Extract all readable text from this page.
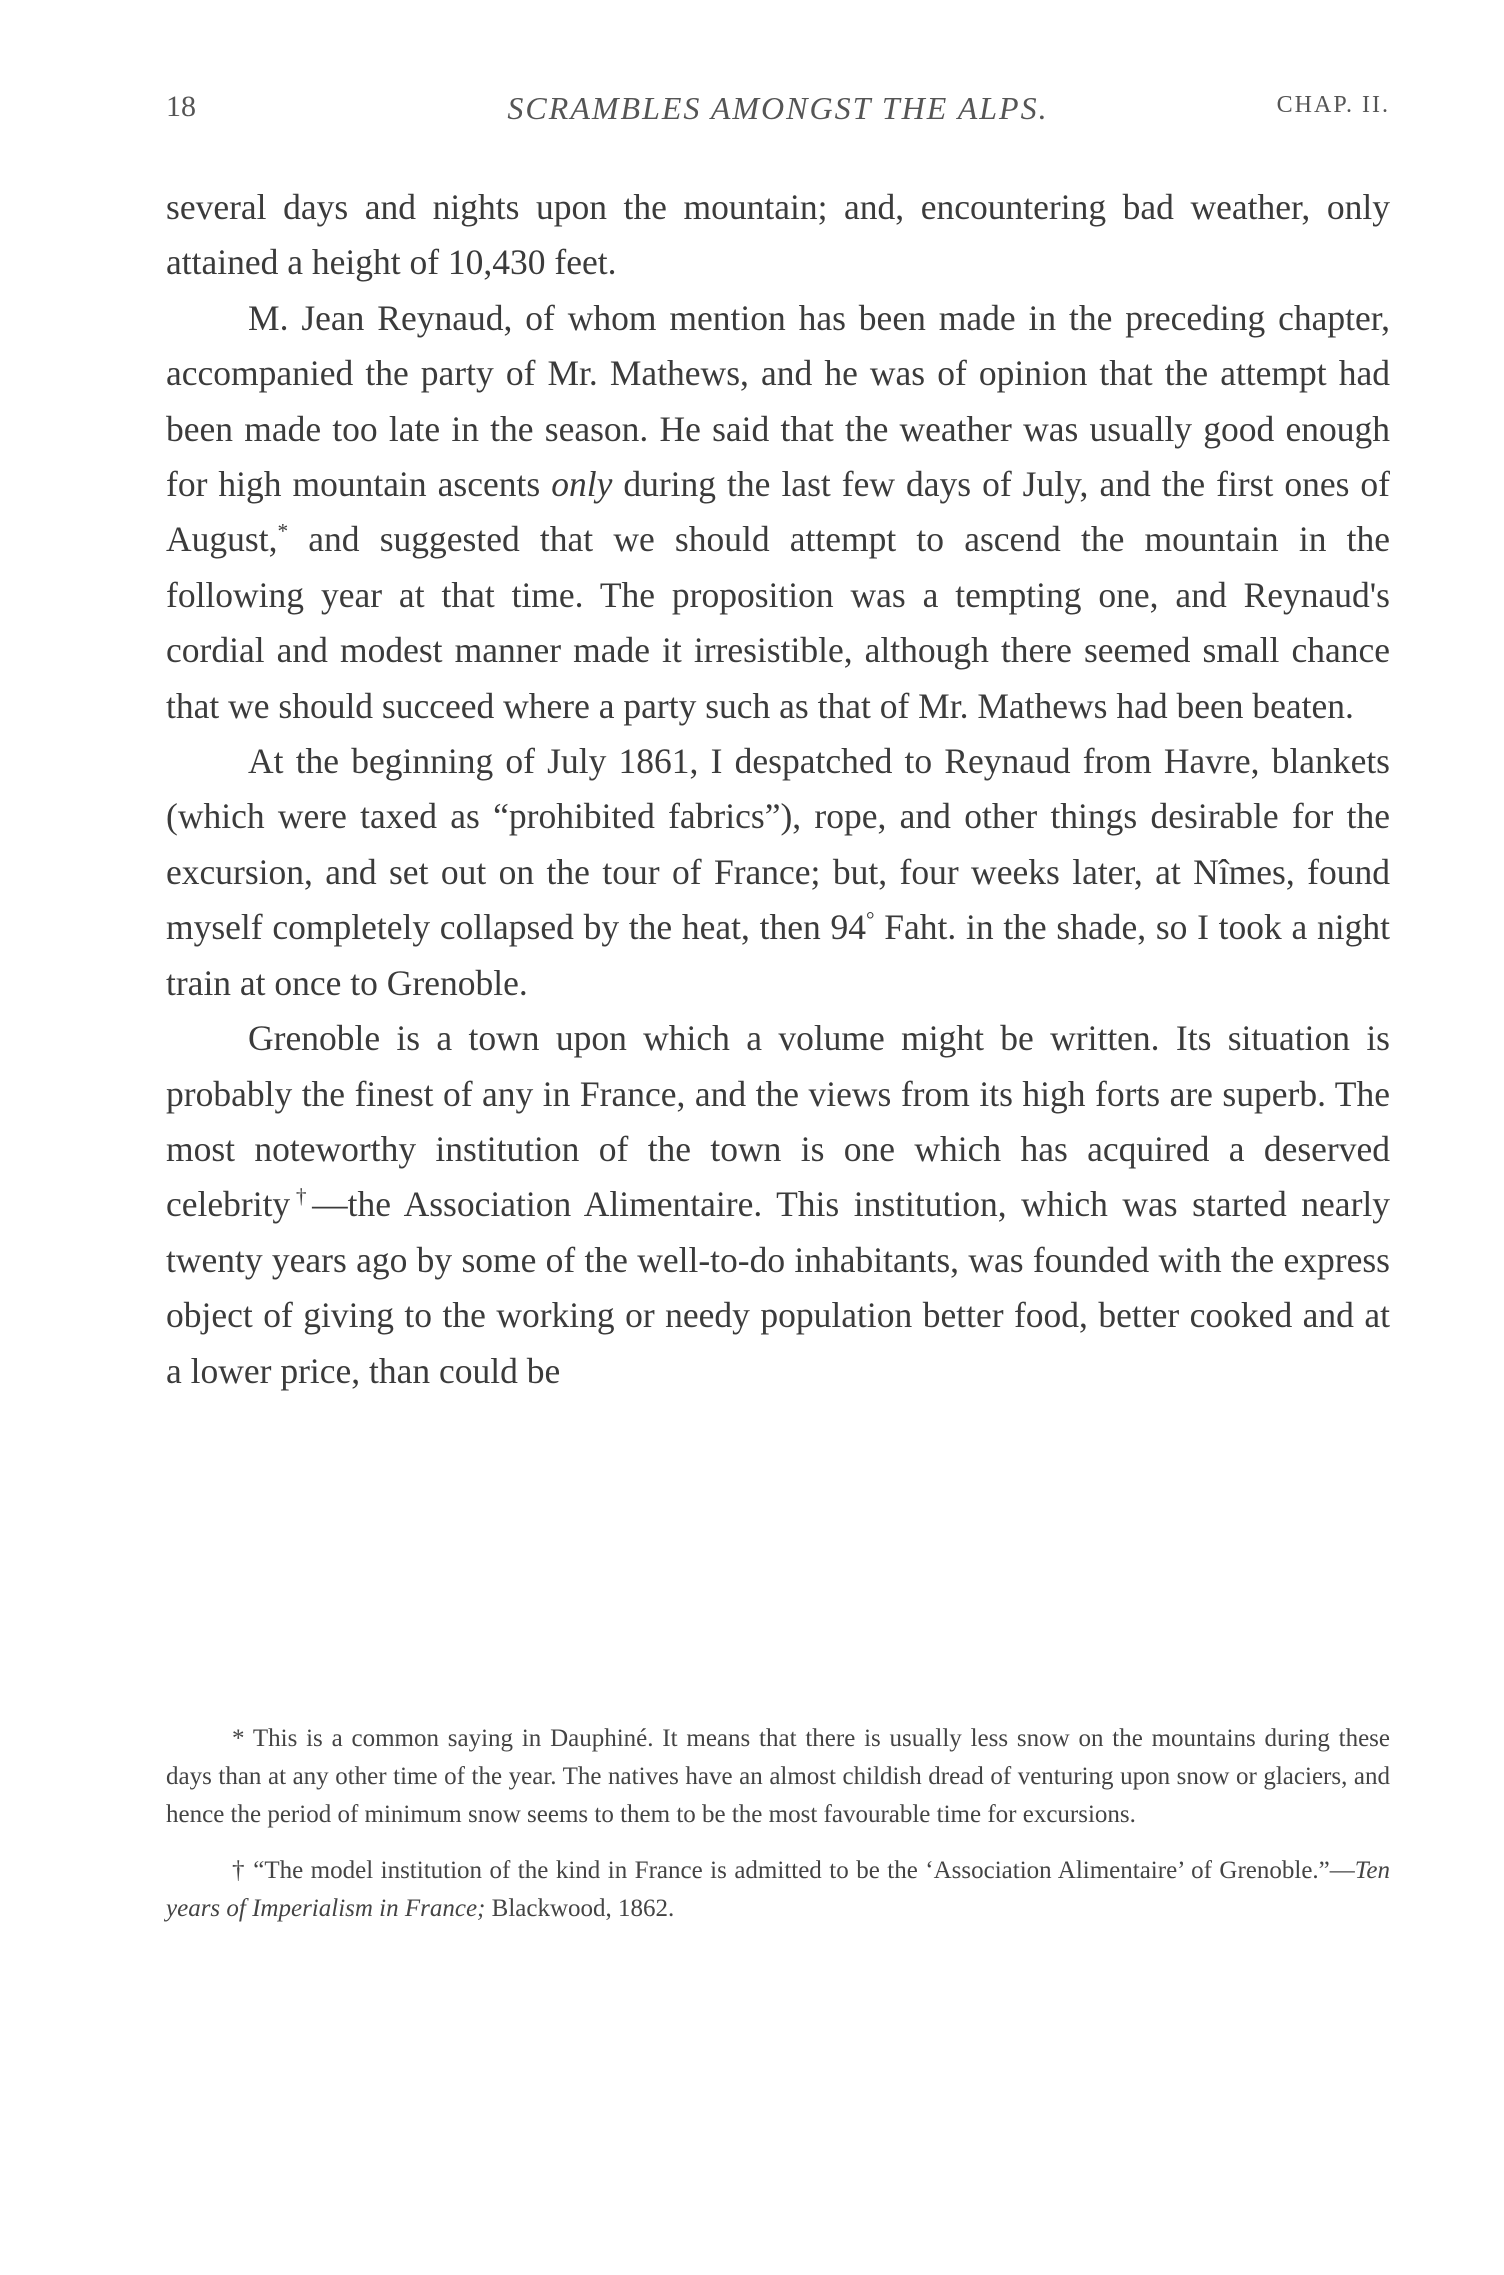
18	SCRAMBLES AMONGST THE ALPS.	CHAP. II.

several days and nights upon the mountain; and, encountering bad weather, only attained a height of 10,430 feet.

M. Jean Reynaud, of whom mention has been made in the preceding chapter, accompanied the party of Mr. Mathews, and he was of opinion that the attempt had been made too late in the season. He said that the weather was usually good enough for high mountain ascents only during the last few days of July, and the first ones of August,* and suggested that we should attempt to ascend the mountain in the following year at that time. The proposition was a tempting one, and Reynaud's cordial and modest manner made it irresistible, although there seemed small chance that we should succeed where a party such as that of Mr. Mathews had been beaten.

At the beginning of July 1861, I despatched to Reynaud from Havre, blankets (which were taxed as “prohibited fabrics”), rope, and other things desirable for the excursion, and set out on the tour of France; but, four weeks later, at Nîmes, found myself completely collapsed by the heat, then 94° Faht. in the shade, so I took a night train at once to Grenoble.

Grenoble is a town upon which a volume might be written. Its situation is probably the finest of any in France, and the views from its high forts are superb. The most noteworthy institution of the town is one which has acquired a deserved celebrity†—the Association Alimentaire. This institution, which was started nearly twenty years ago by some of the well-to-do inhabitants, was founded with the express object of giving to the working or needy population better food, better cooked and at a lower price, than could be

* This is a common saying in Dauphiné. It means that there is usually less snow on the mountains during these days than at any other time of the year. The natives have an almost childish dread of venturing upon snow or glaciers, and hence the period of minimum snow seems to them to be the most favourable time for excursions.

† “The model institution of the kind in France is admitted to be the ‘Association Alimentaire’ of Grenoble.”—Ten years of Imperialism in France; Blackwood, 1862.
